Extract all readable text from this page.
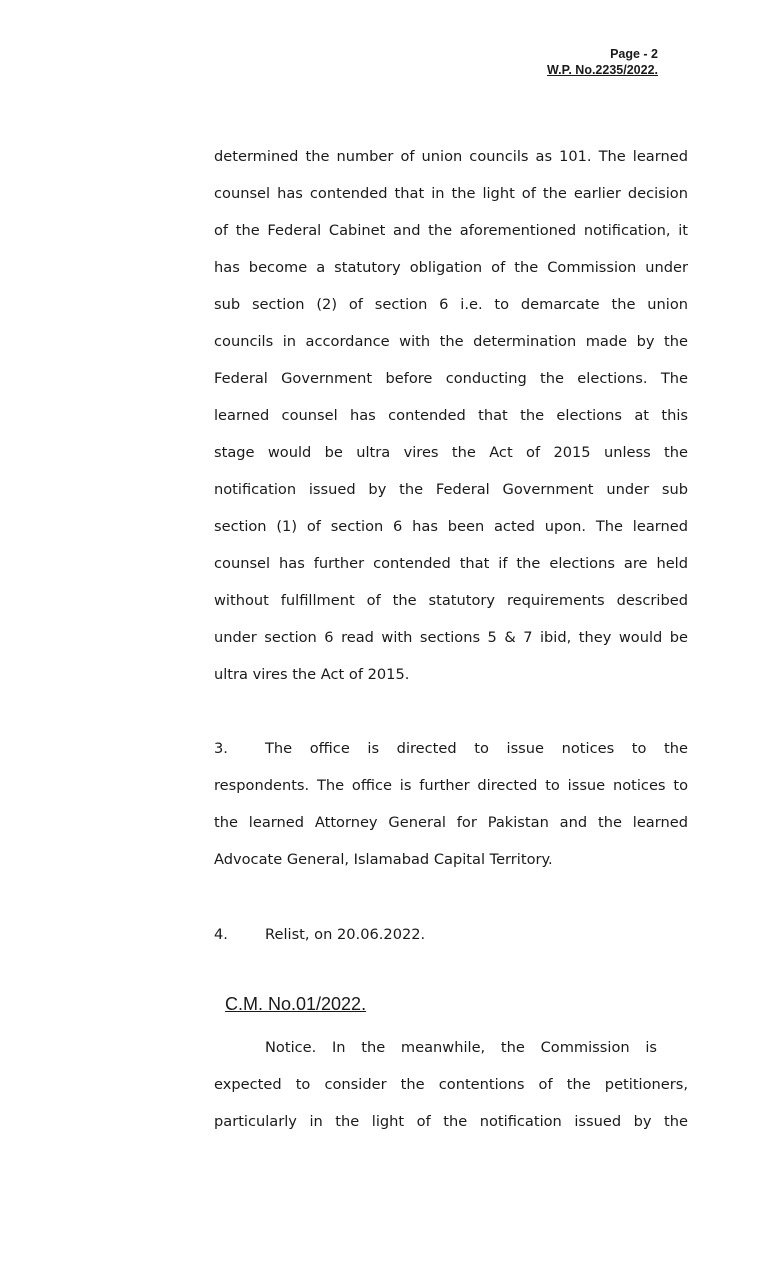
Page - 2
W.P. No.2235/2022.
determined the number of union councils as 101. The learned
counsel has contended that in the light of the earlier decision
of the Federal Cabinet and the aforementioned notification, it
has become a statutory obligation of the Commission under
sub section (2) of section 6 i.e. to demarcate the union
councils in accordance with the determination made by the
Federal Government before conducting the elections. The
learned counsel has contended that the elections at this
stage would be ultra vires the Act of 2015 unless the
notification issued by the Federal Government under sub
section (1) of section 6 has been acted upon. The learned
counsel has further contended that if the elections are held
without fulfillment of the statutory requirements described
under section 6 read with sections 5 & 7 ibid, they would be
ultra vires the Act of 2015.
3.	The office is directed to issue notices to the
respondents. The office is further directed to issue notices to
the learned Attorney General for Pakistan and the learned
Advocate General, Islamabad Capital Territory.
4.	Relist, on 20.06.2022.
C.M. No.01/2022.
Notice. In the meanwhile, the Commission is
expected to consider the contentions of the petitioners,
particularly in the light of the notification issued by the
